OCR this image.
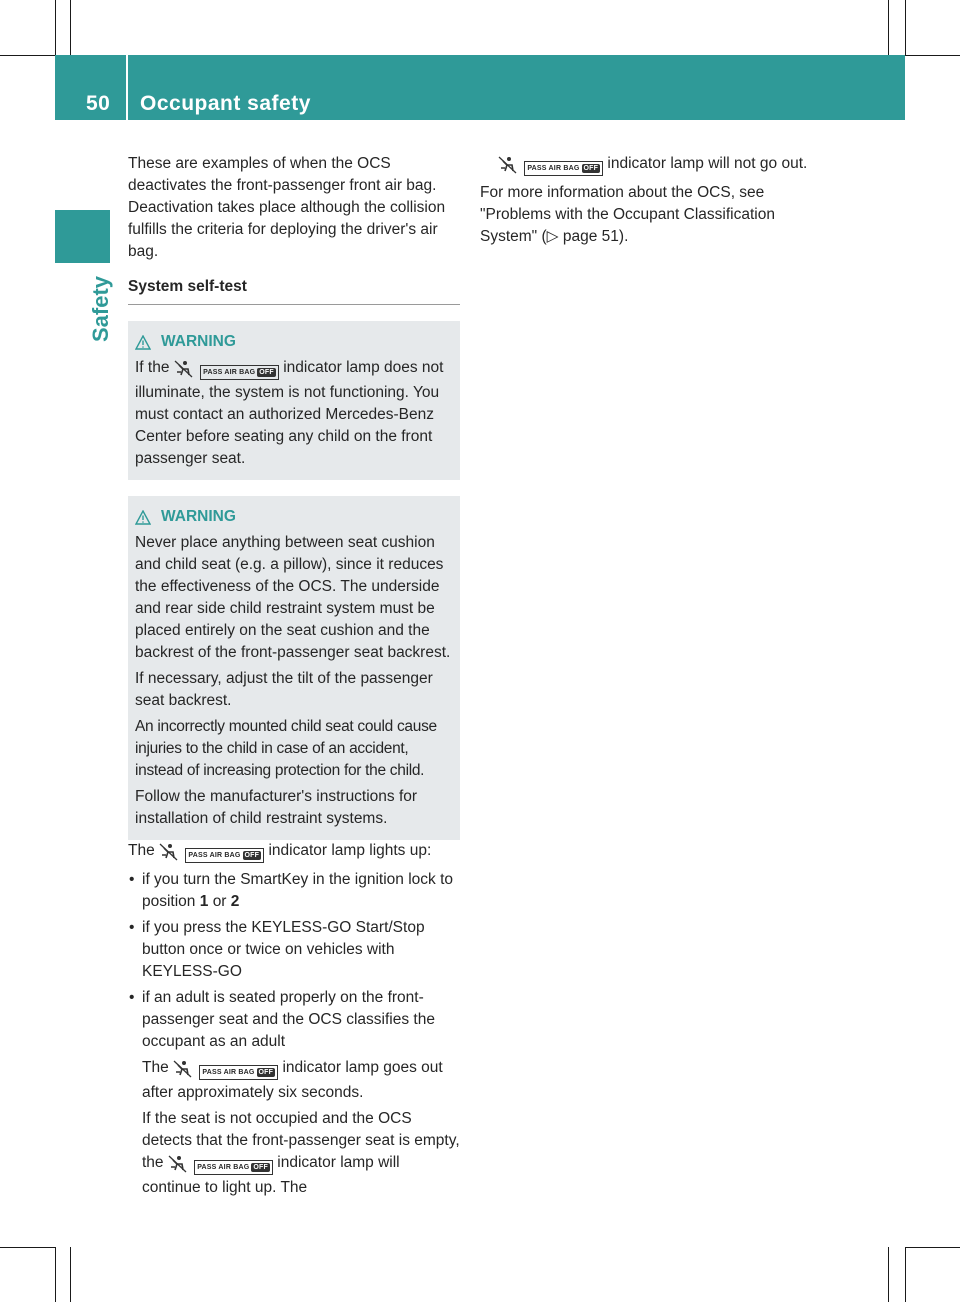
50 Occupant safety
Safety

These are examples of when the OCS deactivates the front-passenger front air bag. Deactivation takes place although the collision fulfills the criteria for deploying the driver's air bag.

System self-test
WARNING

If the	PASS AIR BAG OFF indicator lamp does not illuminate, the system is not functioning. You must contact an authorized Mercedes-Benz Center before seating any child on the front passenger seat.

WARNING

Never place anything between seat cushion and child seat (e.g. a pillow), since it reduces the effectiveness of the OCS. The underside and rear side child restraint system must be placed entirely on the seat cushion and the backrest of the front-passenger seat backrest.

If necessary, adjust the tilt of the passenger seat backrest.

An incorrectly mounted child seat could cause injuries to the child in case of an accident, instead of increasing protection for the child.

Follow the manufacturer's instructions for installation of child restraint systems.

The	PASS AIR BAG OFF indicator lamp lights up:

• if you turn the SmartKey in the ignition lock to position 1 or 2
• if you press the KEYLESS-GO Start/Stop button once or twice on vehicles with KEYLESS-GO

• if an adult is seated properly on the front-passenger seat and the OCS classifies the occupant as an adult

The	PASS AIR BAG OFF indicator lamp goes out after approximately six seconds.

If the seat is not occupied and the OCS detects that the front-passenger seat is empty, the	PASS AIR BAG OFF indicator lamp will continue to light up. The

PASS AIR BAG OFF indicator lamp will not go out.

For more information about the OCS, see "Problems with the Occupant Classification System" (▷ page 51).
